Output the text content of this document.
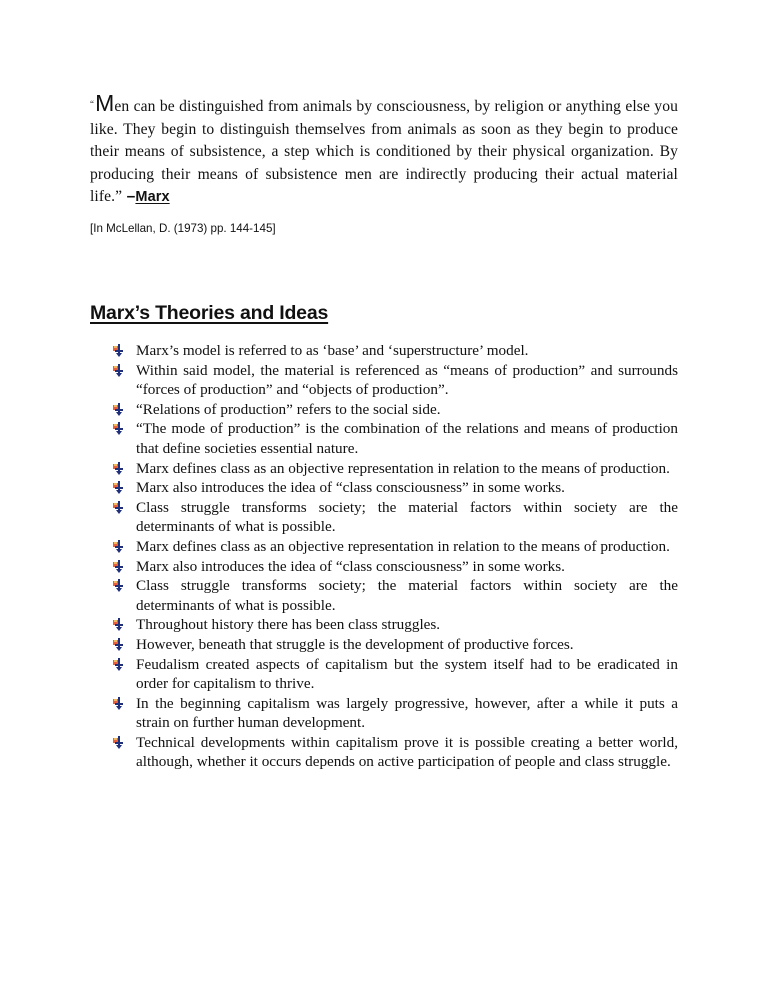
“Men can be distinguished from animals by consciousness, by religion or anything else you like. They begin to distinguish themselves from animals as soon as they begin to produce their means of subsistence, a step which is conditioned by their physical organization. By producing their means of subsistence men are indirectly producing their actual material life.” –Marx

[In McLellan, D. (1973) pp. 144-145]
Marx’s Theories and Ideas
Marx’s model is referred to as ‘base’ and ‘superstructure’ model.
Within said model, the material is referenced as “means of production” and surrounds “forces of production” and “objects of production”.
“Relations of production” refers to the social side.
“The mode of production” is the combination of the relations and means of production that define societies essential nature.
Marx defines class as an objective representation in relation to the means of production.
Marx also introduces the idea of “class consciousness” in some works.
Class struggle transforms society; the material factors within society are the determinants of what is possible.
Marx defines class as an objective representation in relation to the means of production.
Marx also introduces the idea of “class consciousness” in some works.
Class struggle transforms society; the material factors within society are the determinants of what is possible.
Throughout history there has been class struggles.
However, beneath that struggle is the development of productive forces.
Feudalism created aspects of capitalism but the system itself had to be eradicated in order for capitalism to thrive.
In the beginning capitalism was largely progressive, however, after a while it puts a strain on further human development.
Technical developments within capitalism prove it is possible creating a better world, although, whether it occurs depends on active participation of people and class struggle.
